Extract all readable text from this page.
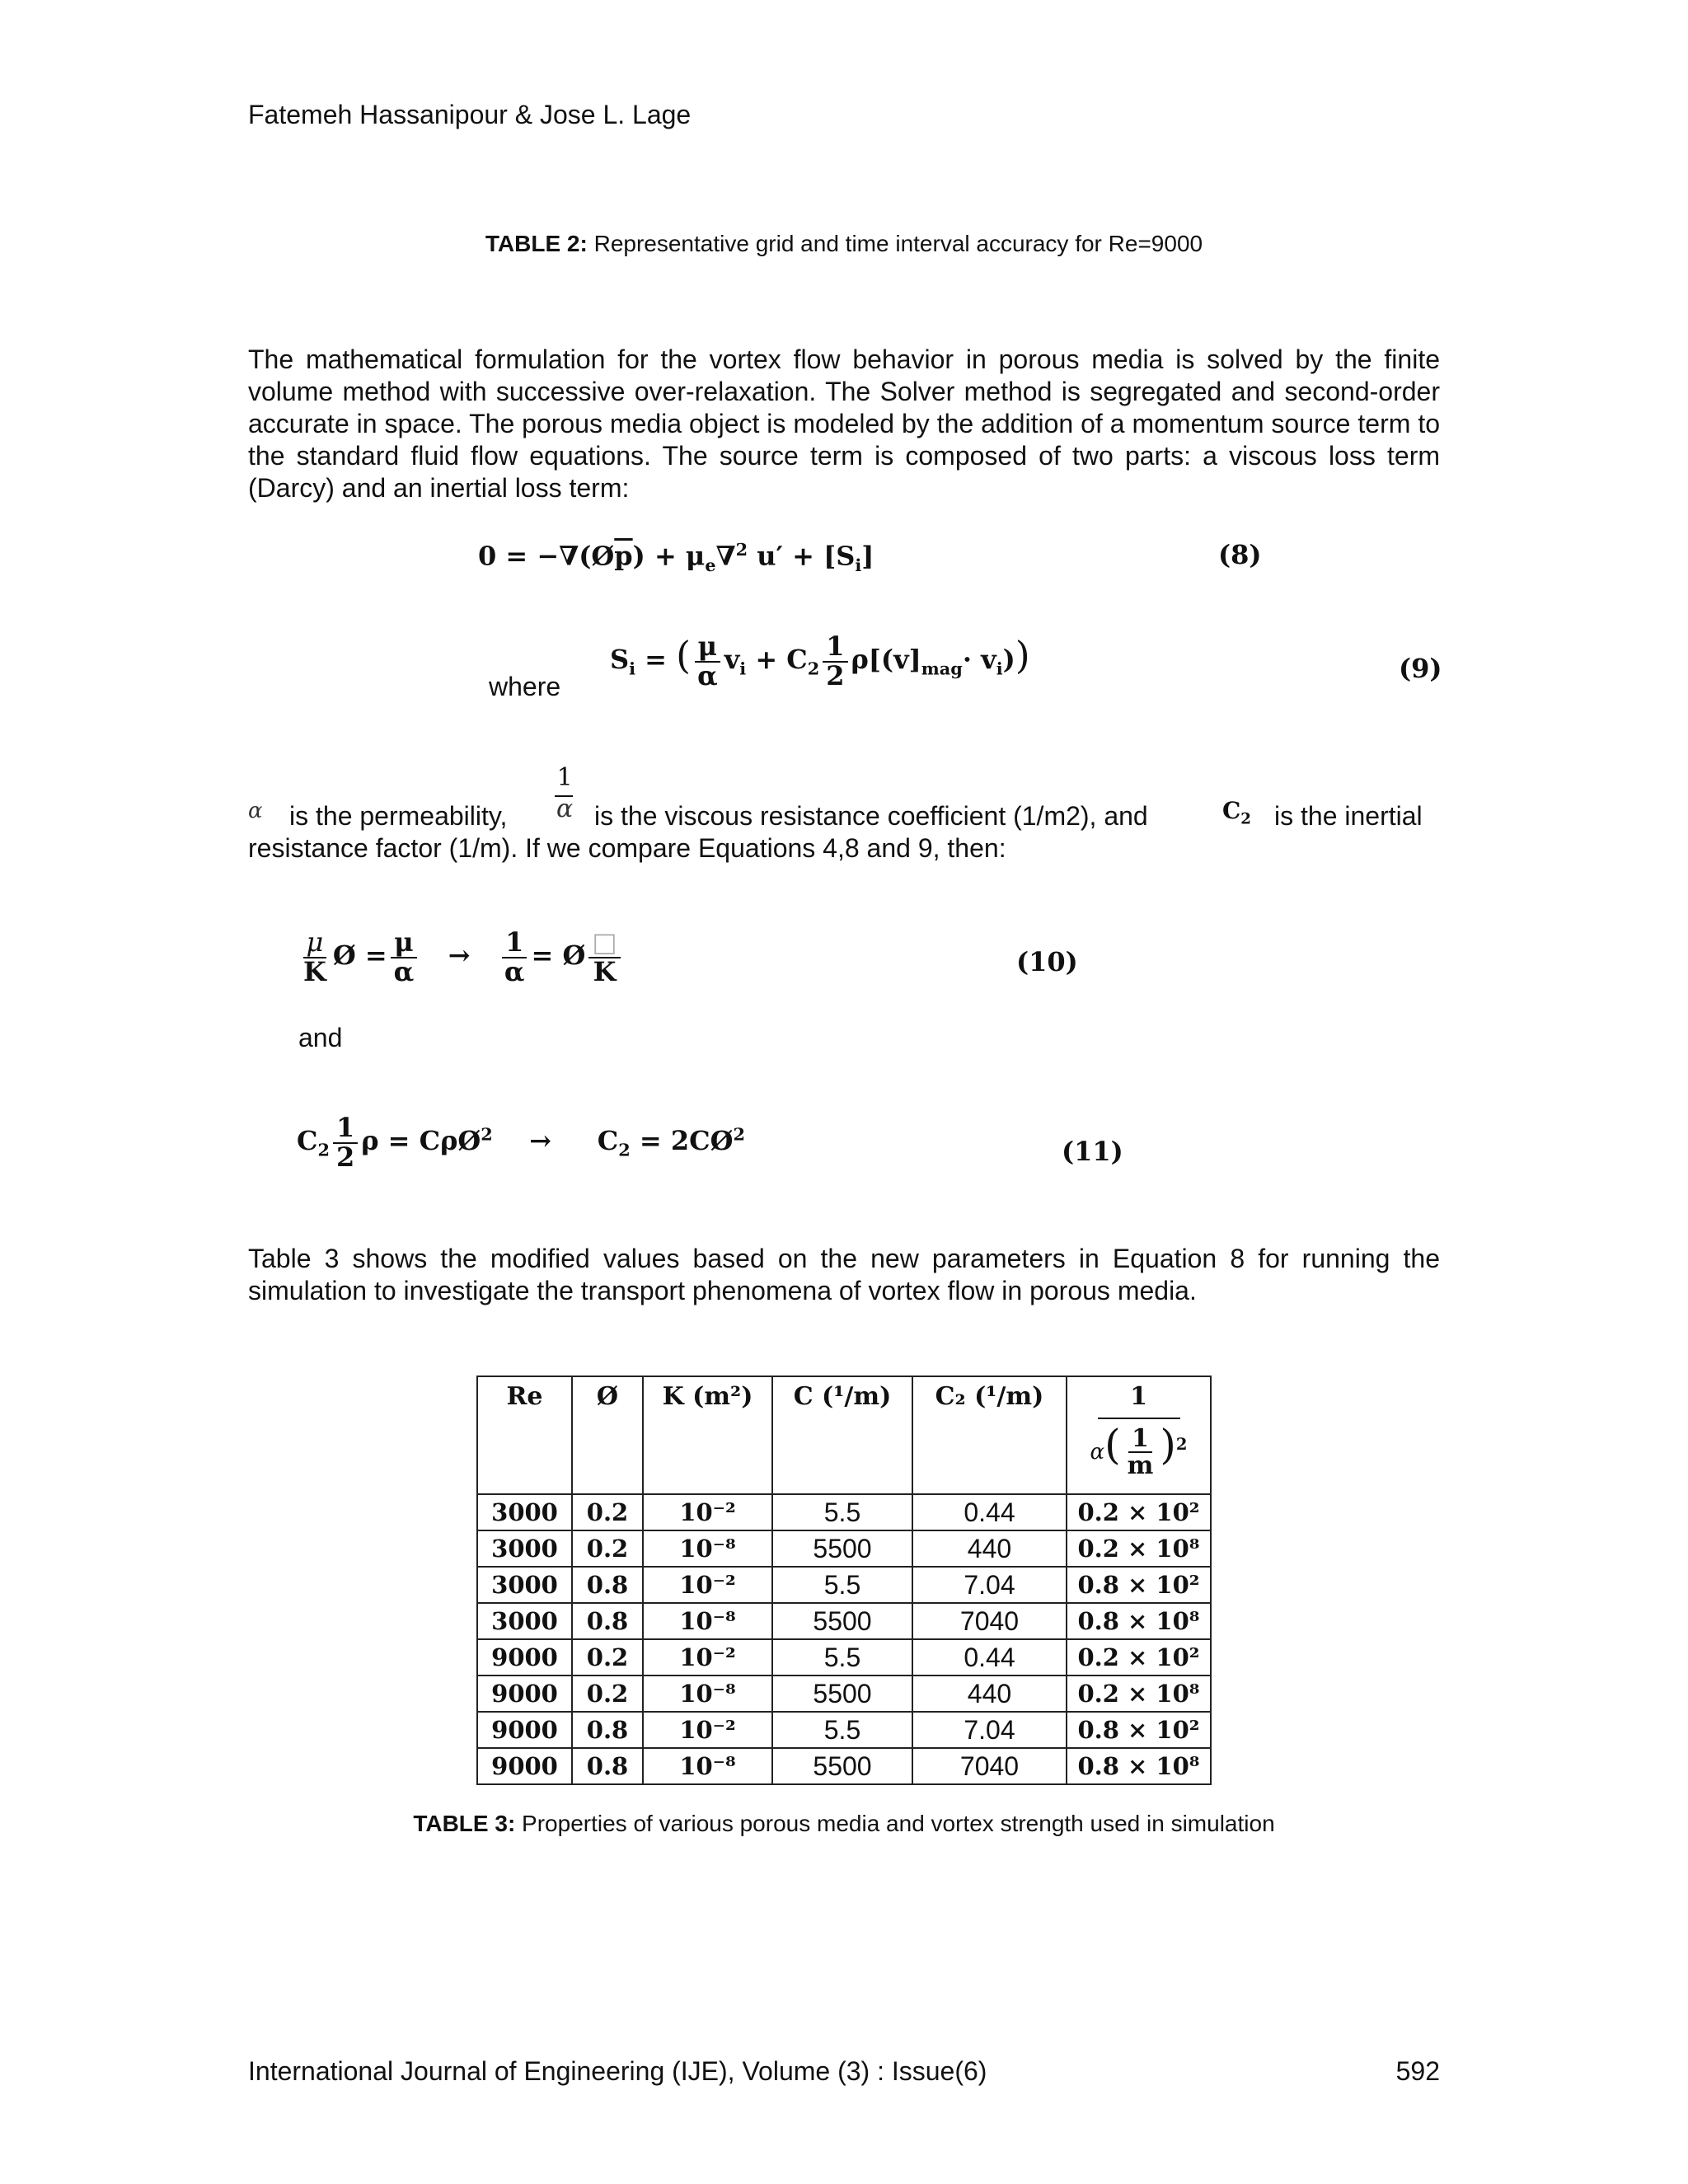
Fatemeh Hassanipour & Jose L. Lage
TABLE 2: Representative grid and time interval accuracy for Re=9000
The mathematical formulation for the vortex flow behavior in porous media is solved by the finite volume method with successive over-relaxation. The Solver method is segregated and second-order accurate in space. The porous media object is modeled by the addition of a momentum source term to the standard fluid flow equations. The source term is composed of two parts: a viscous loss term (Darcy) and an inertial loss term:
$0 = -\nabla(Ø\overline{p}) + \mu_e\nabla^2$ $u' + [S_i]$	(8)
where
$S_i$ = ( $\frac{\mu}{\alpha} v_i + C_2 \frac{1}{2} \rho[(v]_{mag}\cdot v_i)$)	(9)
α is the permeability,
1
α is the viscous resistance coefficient (1/m2), and	$C_2$ is the inertial
resistance factor (1/m). If we compare Equations 4,8 and 9, then:
$\frac{\mu}{K}$ Ø = $\frac{\mu}{\alpha} \to \frac{1}{\alpha}$ = Ø $\frac{□}{K}$	(10)
and
$C_2 \frac{1}{2}$ ρ = CρØ$^2$    →     $C_2$ = $2CØ^2$
(11)
Table 3 shows the modified values based on the new parameters in Equation 8 for running the simulation to investigate the transport phenomena of vortex flow in porous media.
Re	Ø	K (m²)	C (¹/m)	C₂ (¹/m)	1
$\alpha( \frac{1}{m} )^2$

3000	0.2	10⁻²	5.5	0.44	0.2 × 10²
3000	0.2	10⁻⁸	5500	440	0.2 × 10⁸
3000	0.8	10⁻²	5.5	7.04	0.8 × 10²
3000	0.8	10⁻⁸	5500	7040	0.8 × 10⁸
9000	0.2	10⁻²	5.5	0.44	0.2 × 10²
9000	0.2	10⁻⁸	5500	440	0.2 × 10⁸
9000	0.8	10⁻²	5.5	7.04	0.8 × 10²
9000	0.8	10⁻⁸	5500	7040	0.8 × 10⁸
TABLE 3: Properties of various porous media and vortex strength used in simulation
International Journal of Engineering (IJE), Volume (3) : Issue(6)	592
